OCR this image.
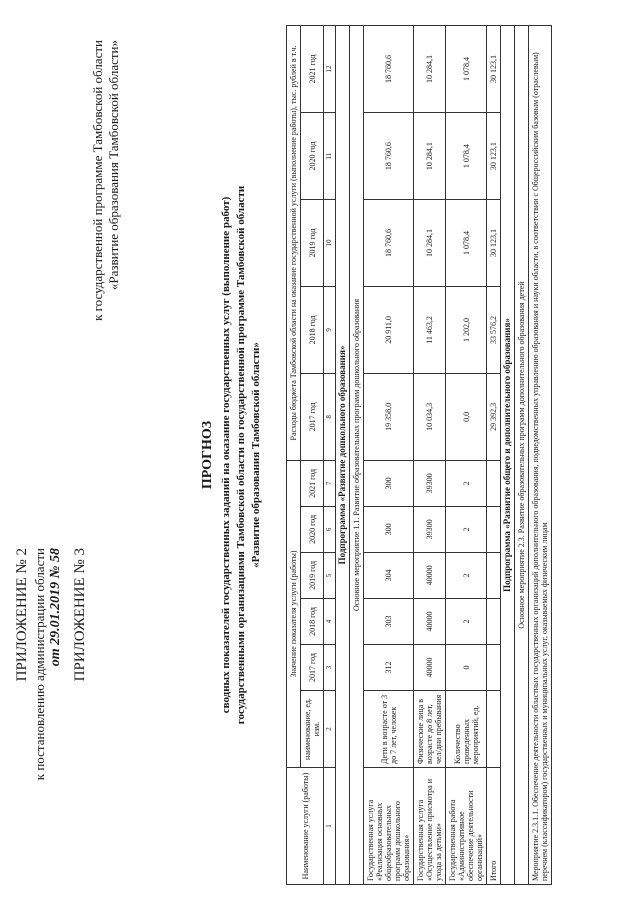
ПРИЛОЖЕНИЕ № 2 к постановлению администрации области от 29.01.2019 № 58 ПРИЛОЖЕНИЕ № 3
к государственной программе Тамбовской области «Развитие образования Тамбовской области»
ПРОГНОЗ сводных показателей государственных заданий на оказание государственных услуг (выполнение работ) государственными организациями Тамбовской области по государственной программе Тамбовской области «Развитие образования Тамбовской области»
Наименование услуги (работы)	Значение показателя услуги (работы)						Расходы бюджета Тамбовской области на оказание государственной услуги (выполнение работы), тыс. рублей в т.ч.				
	наименование, ед. изм.	2017 год	2018 год	2019 год	2020 год	2021 год	2017 год	2018 год	2019 год	2020 год	2021 год
1	2	3	4	5	6	7	8	9	10	11	12
Подпрограмма «Развитие дошкольного образования»											
Основное мероприятие 1.1. Развитие образовательных программ дошкольного образования											
Государственная услуга «Реализация основных общеобразовательных программ дошкольного образования»	Дети в возрасте от 3 до 7 лет, человек	312	303	304	300	300	19 358,0	20 911,0	18 760,6	18 760,6	18 760,6
Государственная услуга «Осуществление присмотра и ухода за детьми»	Физические лица в возрасте до 8 лет, чел/дни пребывания	40000	40000	40000	39300	39300	10 034,3	11 463,2	10 284,1	10 284,1	10 284,1
Государственная работа «Административное обеспечение деятельности организаций»	Количество проведенных мероприятий, ед.	0	2	2	2	2	0,0	1 202,0	1 078,4	1 078,4	1 078,4
Итого							29 392,3	33 576,2	30 123,1	30 123,1	30 123,1
Подпрограмма «Развитие общего и дополнительного образования»											
Основное мероприятие 2.3. Развитие образовательных программ дополнительного образования детей											
Мероприятие 2.3.1.1. Обеспечение деятельности областных государственных организаций дополнительного образования, подведомственных управлению образования и науки области, в соответствии с Общероссийским базовым (отраслевым) перечнем (классификатором) государственных и муниципальных услуг, оказываемых физическим лицам											
